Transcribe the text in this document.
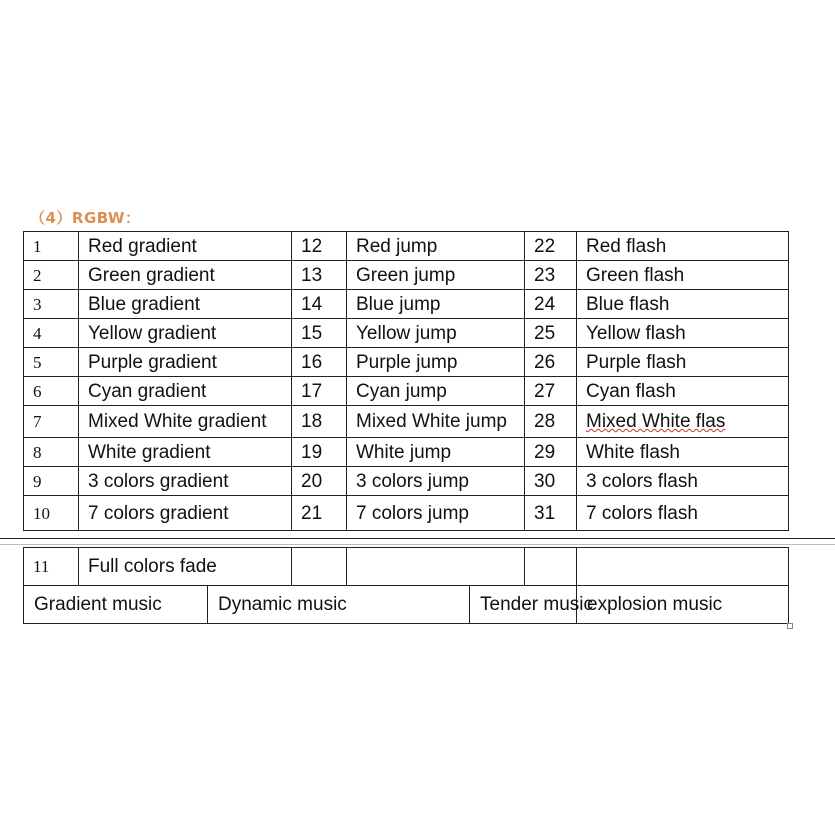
（4）RGBW：
1	Red gradient	12	Red jump	22	Red flash
2	Green gradient	13	Green jump	23	Green flash
3	Blue gradient	14	Blue jump	24	Blue flash
4	Yellow gradient	15	Yellow jump	25	Yellow flash
5	Purple gradient	16	Purple jump	26	Purple flash
6	Cyan gradient	17	Cyan jump	27	Cyan flash
7	Mixed White gradient	18	Mixed White jump	28	Mixed White flas
8	White gradient	19	White jump	29	White flash
9	3 colors gradient	20	3 colors jump	30	3 colors flash
10	7 colors gradient	21	7 colors jump	31	7 colors flash
11	Full colors fade						
Gradient music		Dynamic music			Tender music		explosion music
